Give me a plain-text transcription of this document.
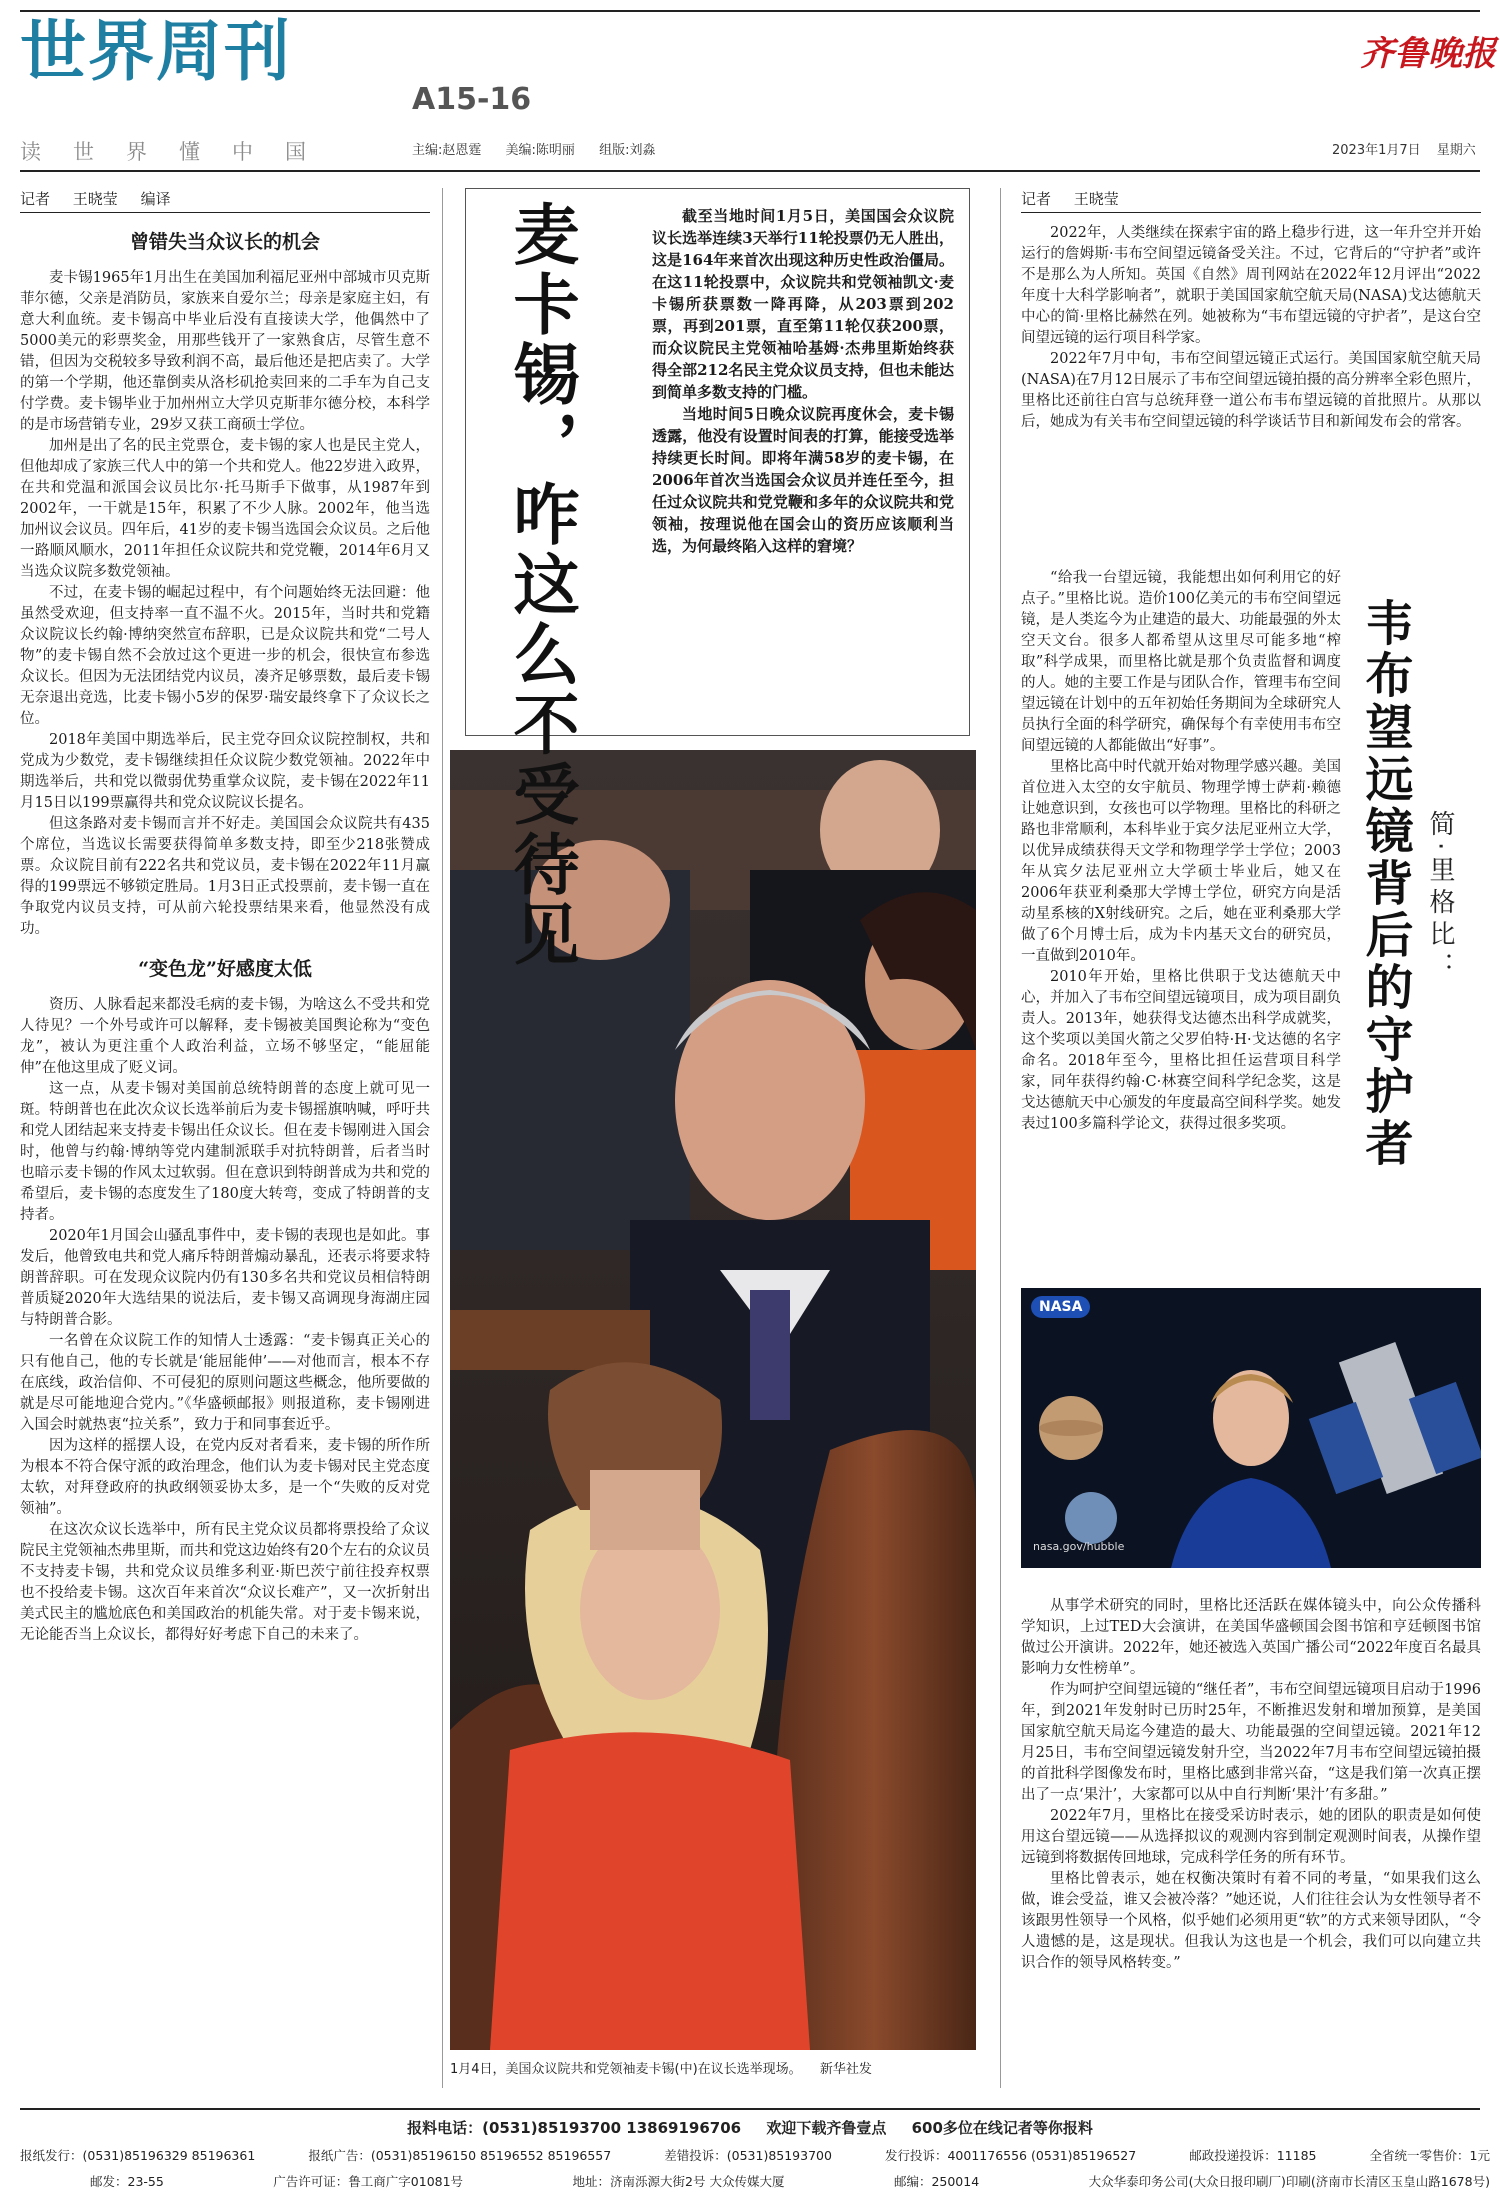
世界周刊
A15-16
齐鲁晚报
读世界懂中国	主编:赵恩霆 美编:陈明丽 组版:刘淼	2023年1月7日 星期六
记者 王晓莹 编译
曾错失当众议长的机会

麦卡锡1965年1月出生在美国加利福尼亚州中部城市贝克斯菲尔德，父亲是消防员，家族来自爱尔兰；母亲是家庭主妇，有意大利血统。麦卡锡高中毕业后没有直接读大学，他偶然中了5000美元的彩票奖金，用那些钱开了一家熟食店，尽管生意不错，但因为交税较多导致利润不高，最后他还是把店卖了。大学的第一个学期，他还靠倒卖从洛杉矶抢卖回来的二手车为自己支付学费。麦卡锡毕业于加州州立大学贝克斯菲尔德分校，本科学的是市场营销专业，29岁又获工商硕士学位。

加州是出了名的民主党票仓，麦卡锡的家人也是民主党人，但他却成了家族三代人中的第一个共和党人。他22岁进入政界，在共和党温和派国会议员比尔·托马斯手下做事，从1987年到2002年，一干就是15年，积累了不少人脉。2002年，他当选加州议会议员。四年后，41岁的麦卡锡当选国会众议员。之后他一路顺风顺水，2011年担任众议院共和党党鞭，2014年6月又当选众议院多数党领袖。

不过，在麦卡锡的崛起过程中，有个问题始终无法回避：他虽然受欢迎，但支持率一直不温不火。2015年，当时共和党籍众议院议长约翰·博纳突然宣布辞职，已是众议院共和党“二号人物”的麦卡锡自然不会放过这个更进一步的机会，很快宣布参选众议长。但因为无法团结党内议员，凑齐足够票数，最后麦卡锡无奈退出竞选，比麦卡锡小5岁的保罗·瑞安最终拿下了众议长之位。

2018年美国中期选举后，民主党夺回众议院控制权，共和党成为少数党，麦卡锡继续担任众议院少数党领袖。2022年中期选举后，共和党以微弱优势重掌众议院，麦卡锡在2022年11月15日以199票赢得共和党众议院议长提名。

但这条路对麦卡锡而言并不好走。美国国会众议院共有435个席位，当选议长需要获得简单多数支持，即至少218张赞成票。众议院目前有222名共和党议员，麦卡锡在2022年11月赢得的199票远不够锁定胜局。1月3日正式投票前，麦卡锡一直在争取党内议员支持，可从前六轮投票结果来看，他显然没有成功。

“变色龙”好感度太低

资历、人脉看起来都没毛病的麦卡锡，为啥这么不受共和党人待见？一个外号或许可以解释，麦卡锡被美国舆论称为“变色龙”，被认为更注重个人政治利益，立场不够坚定，“能屈能伸”在他这里成了贬义词。

这一点，从麦卡锡对美国前总统特朗普的态度上就可见一斑。特朗普也在此次众议长选举前后为麦卡锡摇旗呐喊，呼吁共和党人团结起来支持麦卡锡出任众议长。但在麦卡锡刚进入国会时，他曾与约翰·博纳等党内建制派联手对抗特朗普，后者当时也暗示麦卡锡的作风太过软弱。但在意识到特朗普成为共和党的希望后，麦卡锡的态度发生了180度大转弯，变成了特朗普的支持者。

2020年1月国会山骚乱事件中，麦卡锡的表现也是如此。事发后，他曾致电共和党人痛斥特朗普煽动暴乱，还表示将要求特朗普辞职。可在发现众议院内仍有130多名共和党议员相信特朗普质疑2020年大选结果的说法后，麦卡锡又高调现身海湖庄园与特朗普合影。

一名曾在众议院工作的知情人士透露：“麦卡锡真正关心的只有他自己，他的专长就是‘能屈能伸’——对他而言，根本不存在底线，政治信仰、不可侵犯的原则问题这些概念，他所要做的就是尽可能地迎合党内。”《华盛顿邮报》则报道称，麦卡锡刚进入国会时就热衷“拉关系”，致力于和同事套近乎。

因为这样的摇摆人设，在党内反对者看来，麦卡锡的所作所为根本不符合保守派的政治理念，他们认为麦卡锡对民主党态度太软，对拜登政府的执政纲领妥协太多，是一个“失败的反对党领袖”。

在这次众议长选举中，所有民主党众议员都将票投给了众议院民主党领袖杰弗里斯，而共和党这边始终有20个左右的众议员不支持麦卡锡，共和党众议员维多利亚·斯巴茨宁前往投弃权票也不投给麦卡锡。这次百年来首次“众议长难产”，又一次折射出美式民主的尴尬底色和美国政治的机能失常。对于麦卡锡来说，无论能否当上众议长，都得好好考虑下自己的未来了。

麦卡锡，咋这么不受待见	截至当地时间1月5日，美国国会众议院议长选举连续3天举行11轮投票仍无人胜出，这是164年来首次出现这种历史性政治僵局。在这11轮投票中，众议院共和党领袖凯文·麦卡锡所获票数一降再降，从203票到202票，再到201票，直至第11轮仅获200票，而众议院民主党领袖哈基姆·杰弗里斯始终获得全部212名民主党众议员支持，但也未能达到简单多数支持的门槛。

当地时间5日晚众议院再度休会，麦卡锡透露，他没有设置时间表的打算，能接受选举持续更长时间。即将年满58岁的麦卡锡，在2006年首次当选国会众议员并连任至今，担任过众议院共和党党鞭和多年的众议院共和党领袖，按理说他在国会山的资历应该顺利当选，为何最终陷入这样的窘境？

1月4日，美国众议院共和党领袖麦卡锡(中)在议长选举现场。 新华社发
记者 王晓莹

2022年，人类继续在探索宇宙的路上稳步行进，这一年升空并开始运行的詹姆斯·韦布空间望远镜备受关注。不过，它背后的“守护者”或许不是那么为人所知。英国《自然》周刊网站在2022年12月评出“2022年度十大科学影响者”，就职于美国国家航空航天局(NASA)戈达德航天中心的简·里格比赫然在列。她被称为“韦布望远镜的守护者”，是这台空间望远镜的运行项目科学家。

2022年7月中旬，韦布空间望远镜正式运行。美国国家航空航天局(NASA)在7月12日展示了韦布空间望远镜拍摄的高分辨率全彩色照片，里格比还前往白宫与总统拜登一道公布韦布望远镜的首批照片。从那以后，她成为有关韦布空间望远镜的科学谈话节目和新闻发布会的常客。

“给我一台望远镜，我能想出如何利用它的好点子。”里格比说。造价100亿美元的韦布空间望远镜，是人类迄今为止建造的最大、功能最强的外太空天文台。很多人都希望从这里尽可能多地“榨取”科学成果，而里格比就是那个负责监督和调度的人。她的主要工作是与团队合作，管理韦布空间望远镜在计划中的五年初始任务期间为全球研究人员执行全面的科学研究，确保每个有幸使用韦布空间望远镜的人都能做出“好事”。

里格比高中时代就开始对物理学感兴趣。美国首位进入太空的女宇航员、物理学博士萨莉·赖德让她意识到，女孩也可以学物理。里格比的科研之路也非常顺利，本科毕业于宾夕法尼亚州立大学，以优异成绩获得天文学和物理学学士学位；2003年从宾夕法尼亚州立大学硕士毕业后，她又在2006年获亚利桑那大学博士学位，研究方向是活动星系核的X射线研究。之后，她在亚利桑那大学做了6个月博士后，成为卡内基天文台的研究员，一直做到2010年。

2010年开始，里格比供职于戈达德航天中心，并加入了韦布空间望远镜项目，成为项目副负责人。2013年，她获得戈达德杰出科学成就奖，这个奖项以美国火箭之父罗伯特·H·戈达德的名字命名。2018年至今，里格比担任运营项目科学家，同年获得约翰·C·林赛空间科学纪念奖，这是戈达德航天中心颁发的年度最高空间科学奖。她发表过100多篇科学论文，获得过很多奖项。	韦布望远镜背后的守护者 简·里格比：
NASA
nasa.gov/hubble

从事学术研究的同时，里格比还活跃在媒体镜头中，向公众传播科学知识，上过TED大会演讲，在美国华盛顿国会图书馆和亨廷顿图书馆做过公开演讲。2022年，她还被选入英国广播公司“2022年度百名最具影响力女性榜单”。

作为呵护空间望远镜的“继任者”，韦布空间望远镜项目启动于1996年，到2021年发射时已历时25年，不断推迟发射和增加预算，是美国国家航空航天局迄今建造的最大、功能最强的空间望远镜。2021年12月25日，韦布空间望远镜发射升空，当2022年7月韦布空间望远镜拍摄的首批科学图像发布时，里格比感到非常兴奋，“这是我们第一次真正摆出了一点‘果汁’，大家都可以从中自行判断‘果汁’有多甜。”

2022年7月，里格比在接受采访时表示，她的团队的职责是如何使用这台望远镜——从选择拟议的观测内容到制定观测时间表，从操作望远镜到将数据传回地球，完成科学任务的所有环节。

里格比曾表示，她在权衡决策时有着不同的考量，“如果我们这么做，谁会受益，谁又会被冷落？”她还说，人们往往会认为女性领导者不该跟男性领导一个风格，似乎她们必须用更“软”的方式来领导团队，“令人遗憾的是，这是现状。但我认为这也是一个机会，我们可以向建立共识合作的领导风格转变。”

报料电话：(0531)85193700 13869196706 欢迎下载齐鲁壹点 600多位在线记者等你报料
报纸发行：(0531)85196329 85196361	报纸广告：(0531)85196150 85196552 85196557	差错投诉：(0531)85193700	发行投诉：4001176556 (0531)85196527	邮政投递投诉：11185	全省统一零售价：1元
邮发：23-55	广告许可证：鲁工商广字01081号	地址：济南泺源大街2号 大众传媒大厦	邮编：250014	大众华泰印务公司(大众日报印刷厂)印刷(济南市长清区玉皇山路1678号)
